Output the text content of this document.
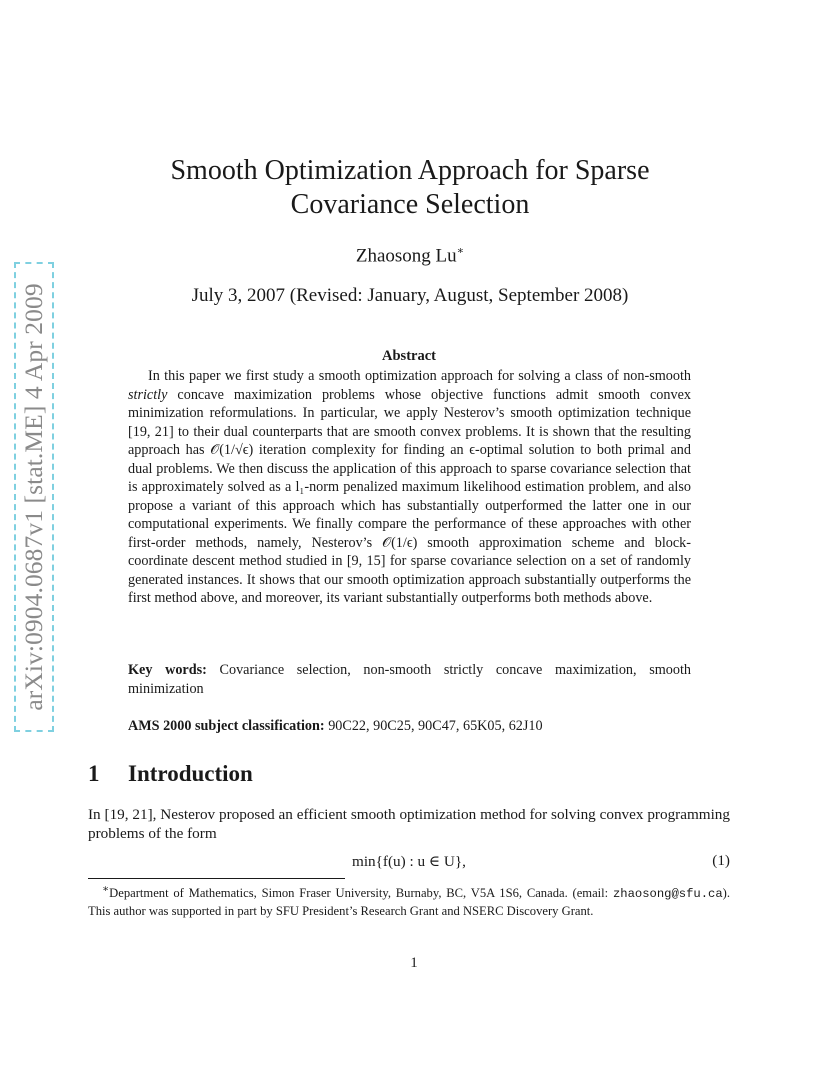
arXiv:0904.0687v1 [stat.ME] 4 Apr 2009
Smooth Optimization Approach for Sparse
Covariance Selection
Zhaosong Lu∗
July 3, 2007 (Revised: January, August, September 2008)
Abstract

In this paper we first study a smooth optimization approach for solving a class of non-smooth strictly concave maximization problems whose objective functions admit smooth convex minimization reformulations. In particular, we apply Nesterov’s smooth optimization technique [19, 21] to their dual counterparts that are smooth convex problems. It is shown that the resulting approach has 𝒪(1/√ϵ) iteration complexity for finding an ϵ-optimal solution to both primal and dual problems. We then discuss the application of this approach to sparse covariance selection that is approximately solved as a l₁-norm penalized maximum likelihood estimation problem, and also propose a variant of this approach which has substantially outperformed the latter one in our computational experiments. We finally compare the performance of these approaches with other first-order methods, namely, Nesterov’s 𝒪(1/ϵ) smooth approximation scheme and block-coordinate descent method studied in [9, 15] for sparse covariance selection on a set of randomly generated instances. It shows that our smooth optimization approach substantially outperforms the first method above, and moreover, its variant substantially outperforms both methods above.

Key words: Covariance selection, non-smooth strictly concave maximization, smooth minimization

AMS 2000 subject classification: 90C22, 90C25, 90C47, 65K05, 62J10

1 Introduction

In [19, 21], Nesterov proposed an efficient smooth optimization method for solving convex programming problems of the form

min{f(u) : u ∈ U},	(1)

∗Department of Mathematics, Simon Fraser University, Burnaby, BC, V5A 1S6, Canada. (email: zhaosong@sfu.ca). This author was supported in part by SFU President’s Research Grant and NSERC Discovery Grant.

1
